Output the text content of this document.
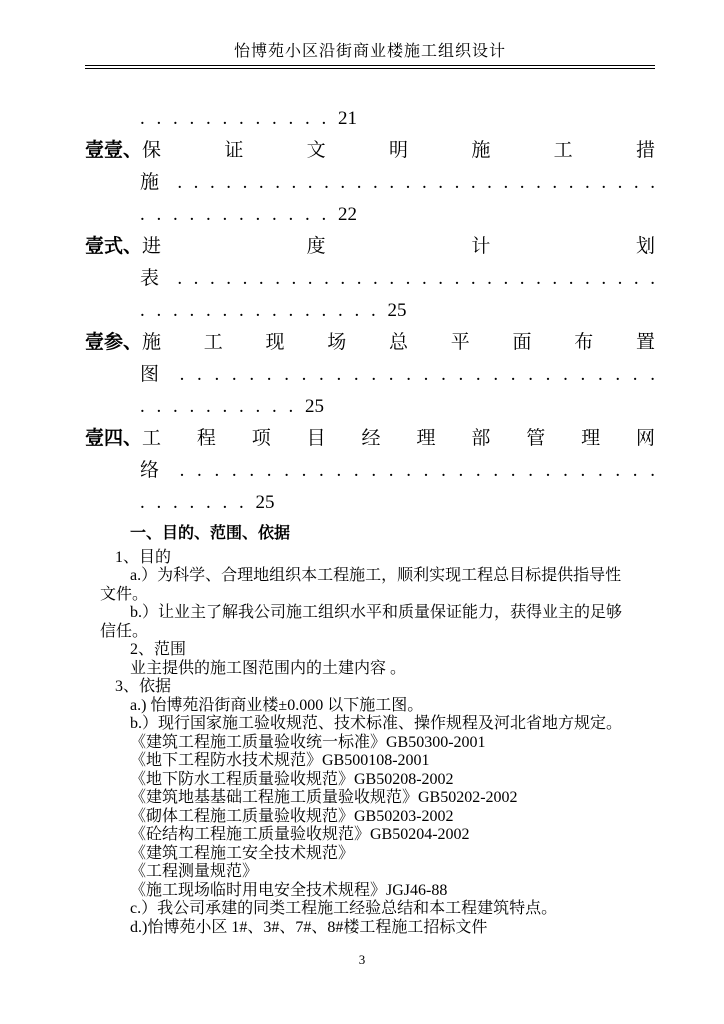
怡博苑小区沿街商业楼施工组织设计
. . . . . . . . . . . . 21
壹壹、 保 证 文 明 施 工 措
施 . . . . . . . . . . . . . . . . . . . . . . . . . . . . . .
. . . . . . . . . . . . 22
壹式、 进 度 计 划
表 . . . . . . . . . . . . . . . . . . . . . . . . . . . . . .
. . . . . . . . . . . . . . . 25
壹参、 施 工 现 场 总 平 面 布 置
图 . . . . . . . . . . . . . . . . . . . . . . . . . . . .
. . . . . . . . . . 25
壹四、 工 程 项 目 经 理 部 管 理 网
络 . . . . . . . . . . . . . . . . . . . . . . . . . . . .
. . . . . . . 25
一、目的、范围、依据
1、目的
a.）为科学、合理地组织本工程施工，顺利实现工程总目标提供指导性
文件。
b.）让业主了解我公司施工组织水平和质量保证能力，获得业主的足够
信任。
2、范围
业主提供的施工图范围内的土建内容 。
3、依据
a.) 怡博苑沿街商业楼±0.000 以下施工图。
b.）现行国家施工验收规范、技术标准、操作规程及河北省地方规定。
《建筑工程施工质量验收统一标准》GB50300-2001
《地下工程防水技术规范》GB500108-2001
《地下防水工程质量验收规范》GB50208-2002
《建筑地基基础工程施工质量验收规范》GB50202-2002
《砌体工程施工质量验收规范》GB50203-2002
《砼结构工程施工质量验收规范》GB50204-2002
《建筑工程施工安全技术规范》
《工程测量规范》
《施工现场临时用电安全技术规程》JGJ46-88
c.）我公司承建的同类工程施工经验总结和本工程建筑特点。
d.)怡博苑小区 1#、3#、7#、8#楼工程施工招标文件
3
